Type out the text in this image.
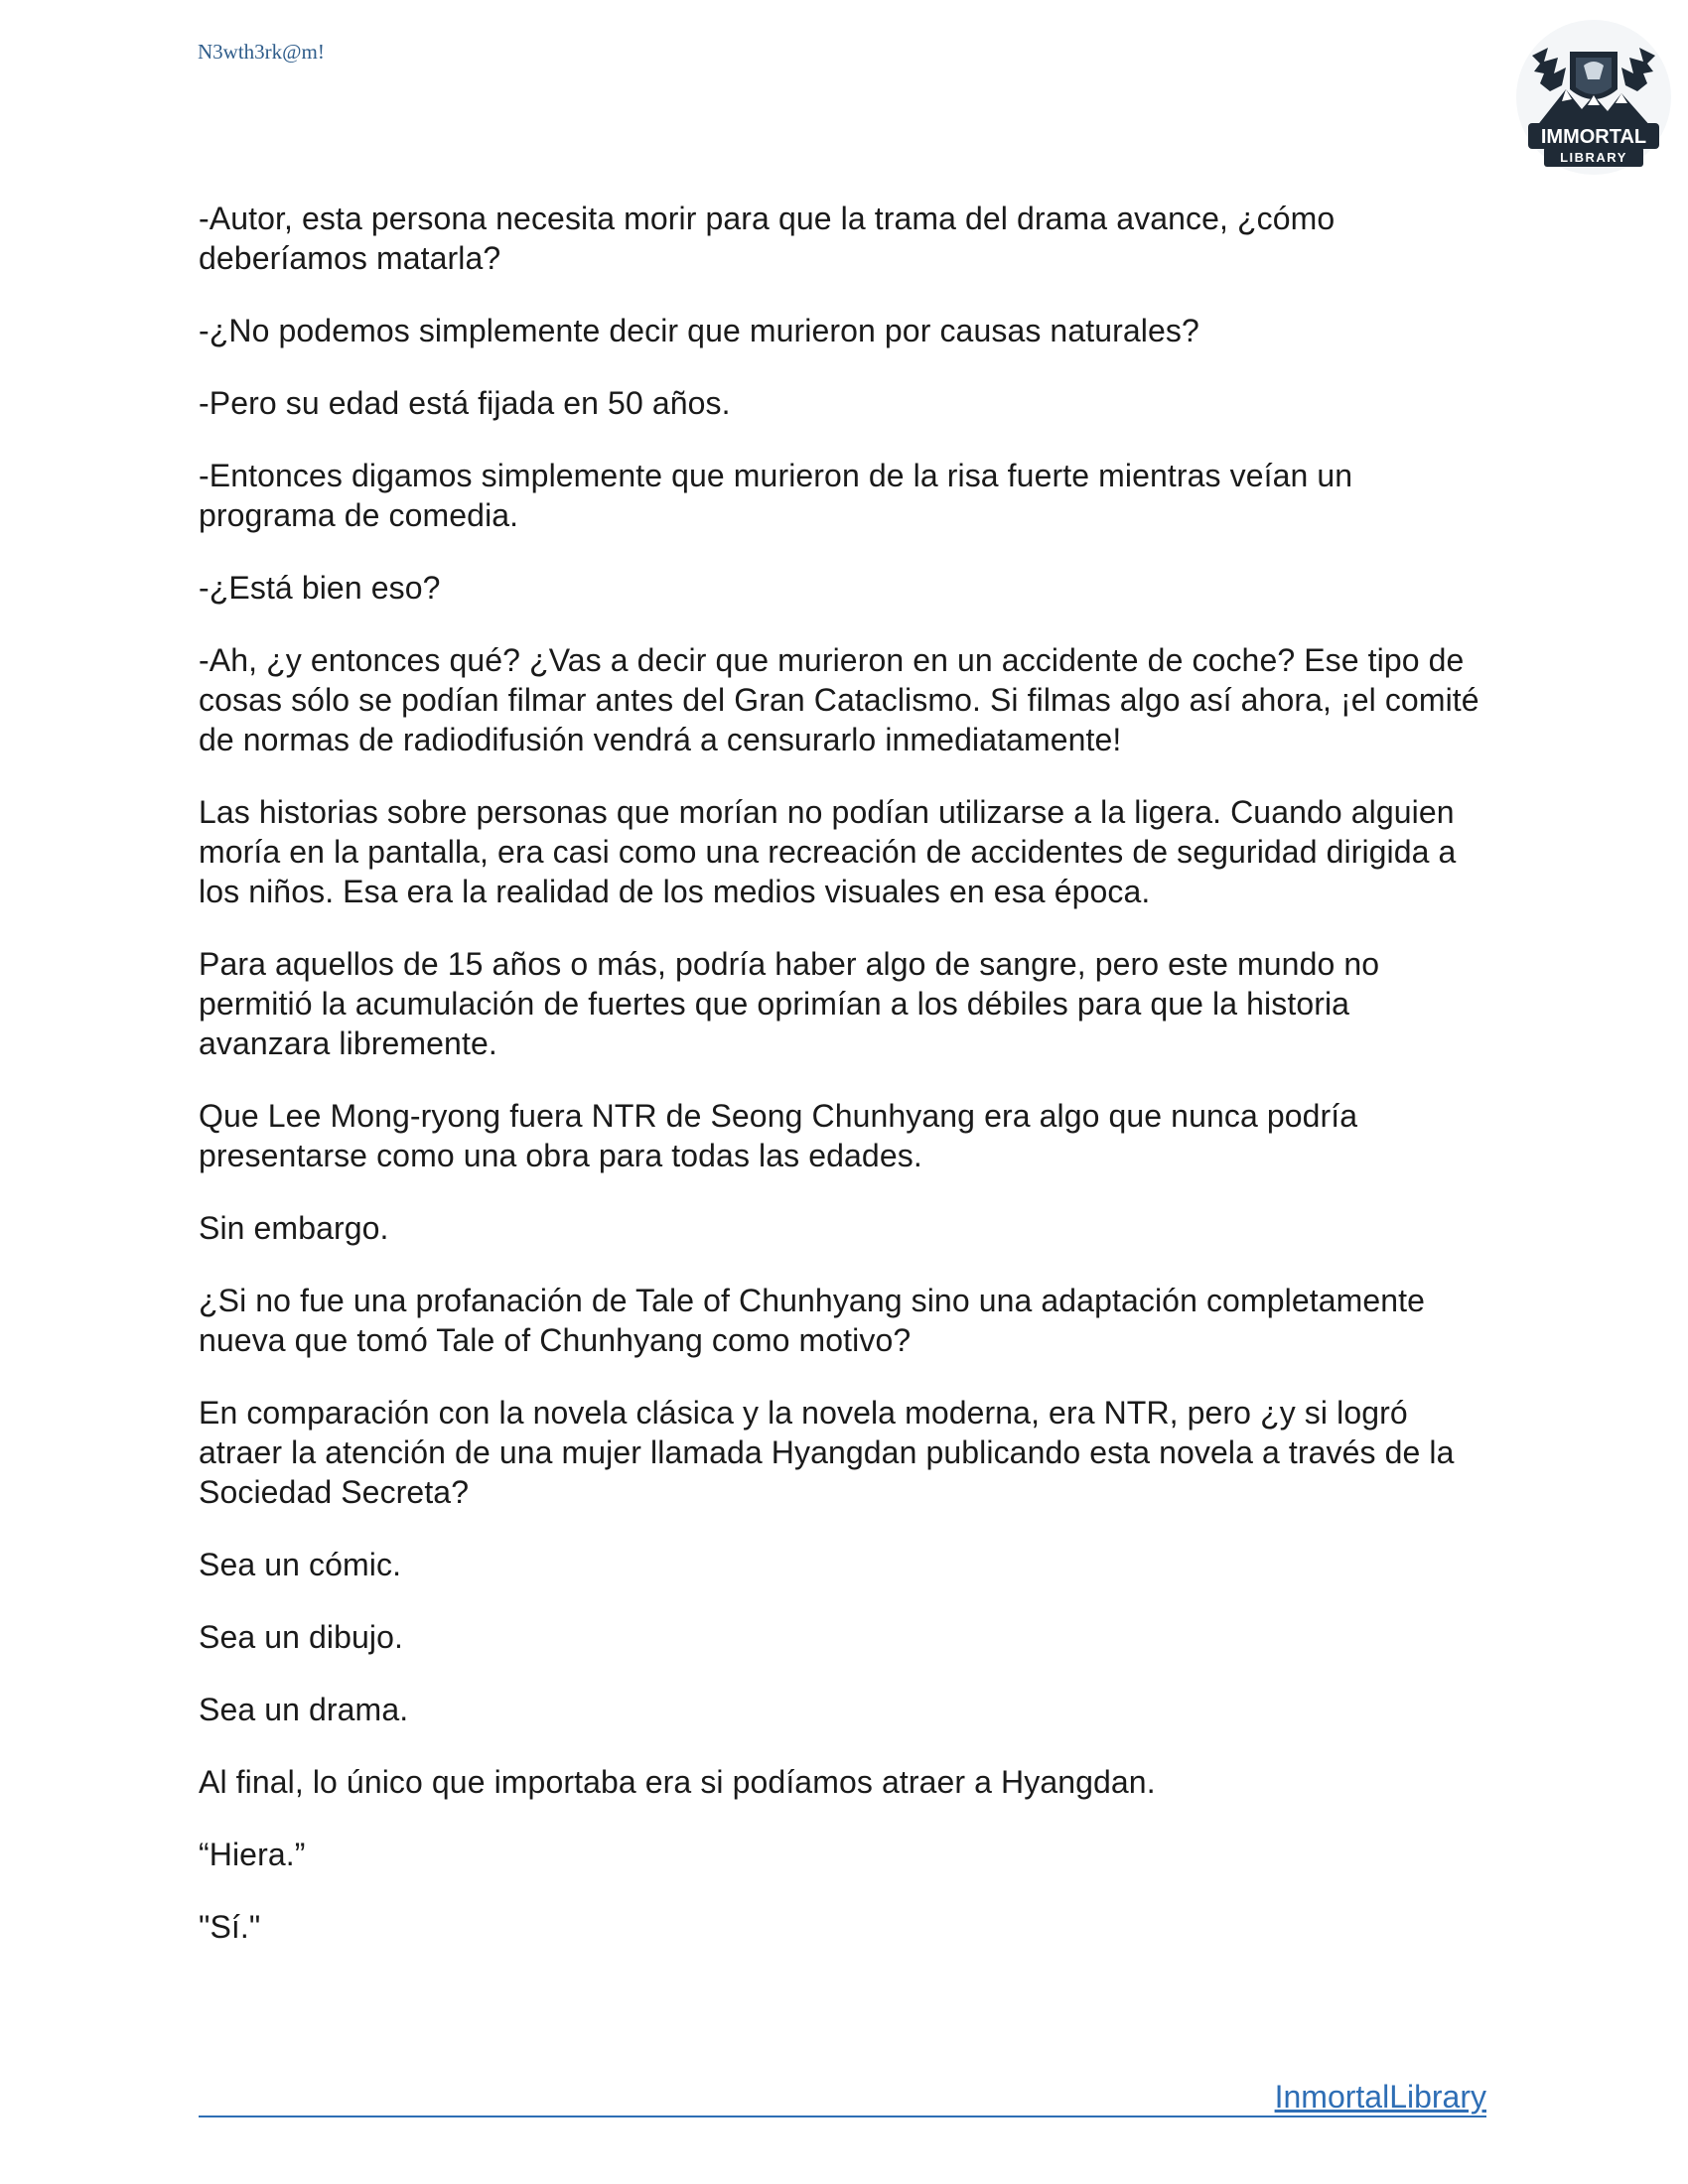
N3wth3rk@m!
IMMORTAL
LIBRARY

-Autor, esta persona necesita morir para que la trama del drama avance, ¿cómo deberíamos matarla?

-¿No podemos simplemente decir que murieron por causas naturales?

-Pero su edad está fijada en 50 años.

-Entonces digamos simplemente que murieron de la risa fuerte mientras veían un programa de comedia.

-¿Está bien eso?

-Ah, ¿y entonces qué? ¿Vas a decir que murieron en un accidente de coche? Ese tipo de cosas sólo se podían filmar antes del Gran Cataclismo. Si filmas algo así ahora, ¡el comité de normas de radiodifusión vendrá a censurarlo inmediatamente!

Las historias sobre personas que morían no podían utilizarse a la ligera. Cuando alguien moría en la pantalla, era casi como una recreación de accidentes de seguridad dirigida a los niños. Esa era la realidad de los medios visuales en esa época.

Para aquellos de 15 años o más, podría haber algo de sangre, pero este mundo no permitió la acumulación de fuertes que oprimían a los débiles para que la historia avanzara libremente.

Que Lee Mong-ryong fuera NTR de Seong Chunhyang era algo que nunca podría presentarse como una obra para todas las edades.

Sin embargo.

¿Si no fue una profanación de Tale of Chunhyang sino una adaptación completamente nueva que tomó Tale of Chunhyang como motivo?

En comparación con la novela clásica y la novela moderna, era NTR, pero ¿y si logró atraer la atención de una mujer llamada Hyangdan publicando esta novela a través de la Sociedad Secreta?

Sea un cómic.

Sea un dibujo.

Sea un drama.

Al final, lo único que importaba era si podíamos atraer a Hyangdan.

“Hiera.”

"Sí."

InmortalLibrary
